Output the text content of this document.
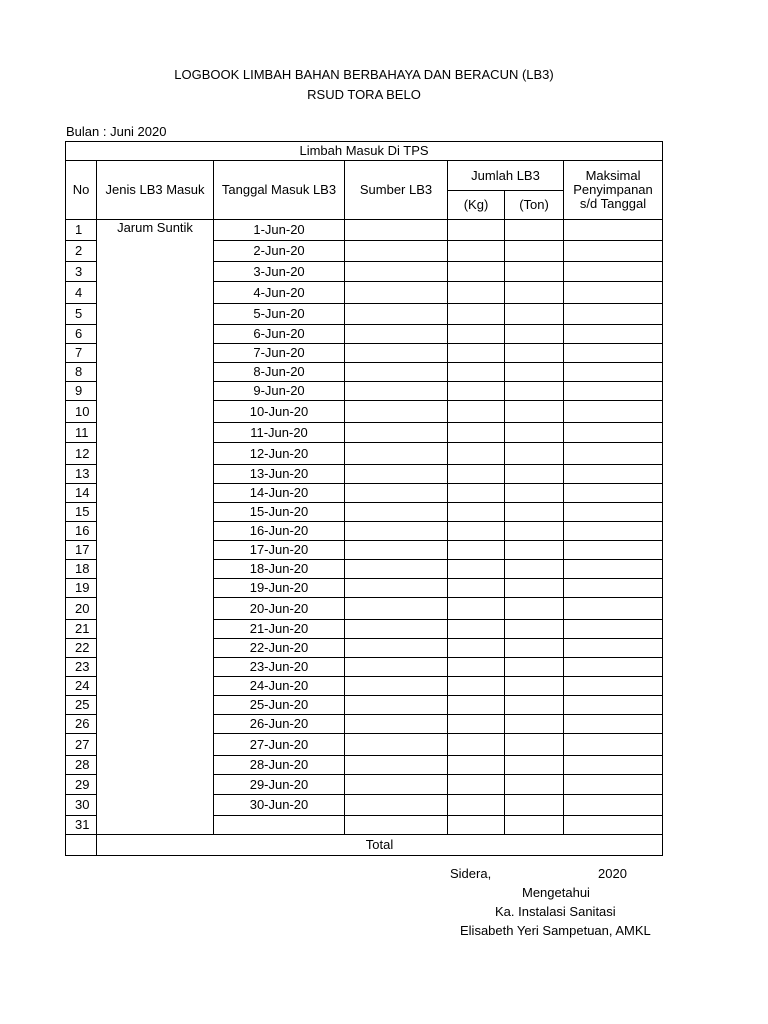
LOGBOOK LIMBAH BAHAN BERBAHAYA DAN BERACUN (LB3)
RSUD TORA BELO
Bulan : Juni 2020
Limbah Masuk Di TPS						
No	Jenis LB3 Masuk	Tanggal Masuk LB3	Sumber LB3	Jumlah LB3		Maksimal
Penyimpanan
s/d Tanggal

				(Kg)	(Ton)	
1	Jarum Suntik	1-Jun-20				
2		2-Jun-20				
3		3-Jun-20				
4		4-Jun-20				
5		5-Jun-20				
6		6-Jun-20				
7		7-Jun-20				
8		8-Jun-20				
9		9-Jun-20				
10		10-Jun-20				
11		11-Jun-20				
12		12-Jun-20				
13		13-Jun-20				
14		14-Jun-20				
15		15-Jun-20				
16		16-Jun-20				
17		17-Jun-20				
18		18-Jun-20				
19		19-Jun-20				
20		20-Jun-20				
21		21-Jun-20				
22		22-Jun-20				
23		23-Jun-20				
24		24-Jun-20				
25		25-Jun-20				
26		26-Jun-20				
27		27-Jun-20				
28		28-Jun-20				
29		29-Jun-20				
30		30-Jun-20				
31						
	Total					
Sidera,	2020
Mengetahui
Ka. Instalasi Sanitasi
Elisabeth Yeri Sampetuan, AMKL
